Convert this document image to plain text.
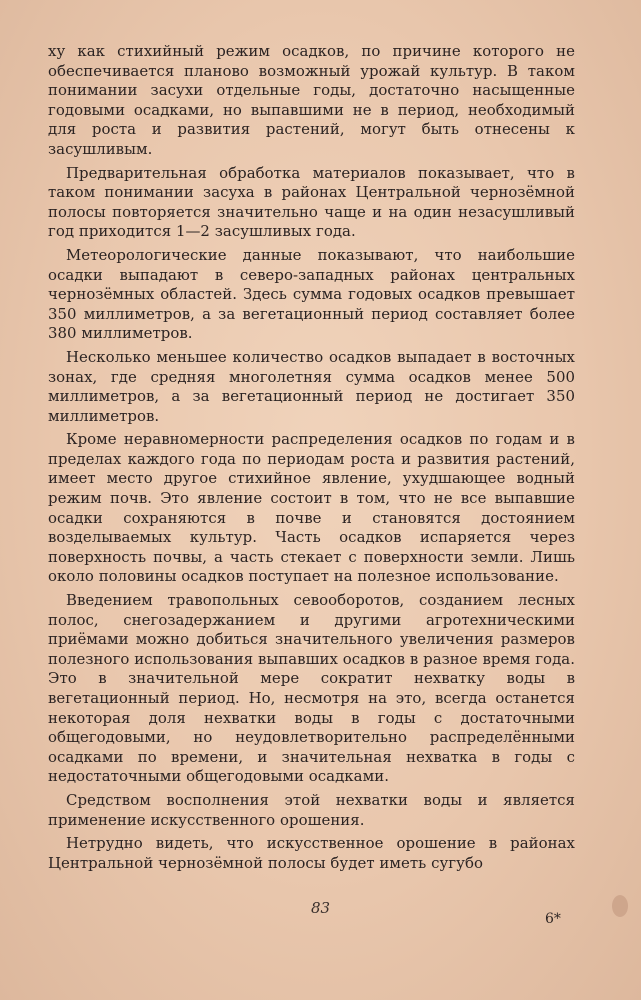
ху как стихийный режим осадков, по причине которого не обеспечивается планово возможный урожай культур. В таком понимании засухи отдельные годы, достаточно насыщенные годовыми осадками, но выпавшими не в период, необходимый для роста и развития растений, могут быть отнесены к засушливым.

Предварительная обработка материалов показывает, что в таком понимании засуха в районах Центральной чернозёмной полосы повторяется значительно чаще и на один незасушливый год приходится 1—2 засушливых года.

Метеорологические данные показывают, что наибольшие осадки выпадают в северо-западных районах центральных чернозёмных областей. Здесь сумма годовых осадков превышает 350 миллиметров, а за вегетационный период составляет более 380 миллиметров.

Несколько меньшее количество осадков выпадает в восточных зонах, где средняя многолетняя сумма осадков менее 500 миллиметров, а за вегетационный период не достигает 350 миллиметров.

Кроме неравномерности распределения осадков по годам и в пределах каждого года по периодам роста и развития растений, имеет место другое стихийное явление, ухудшающее водный режим почв. Это явление состоит в том, что не все выпавшие осадки сохраняются в почве и становятся достоянием возделываемых культур. Часть осадков испаряется через поверхность почвы, а часть стекает с поверхности земли. Лишь около половины осадков поступает на полезное использование.

Введением травопольных севооборотов, созданием лесных полос, снегозадержанием и другими агротехническими приёмами можно добиться значительного увеличения размеров полезного использования выпавших осадков в разное время года. Это в значительной мере сократит нехватку воды в вегетационный период. Но, несмотря на это, всегда останется некоторая доля нехватки воды в годы с достаточными общегодовыми, но неудовлетворительно распределёнными осадками по времени, и значительная нехватка в годы с недостаточными общегодовыми осадками.

Средством восполнения этой нехватки воды и является применение искусственного орошения.

Нетрудно видеть, что искусственное орошение в районах Центральной чернозёмной полосы будет иметь сугубо

83
6*
